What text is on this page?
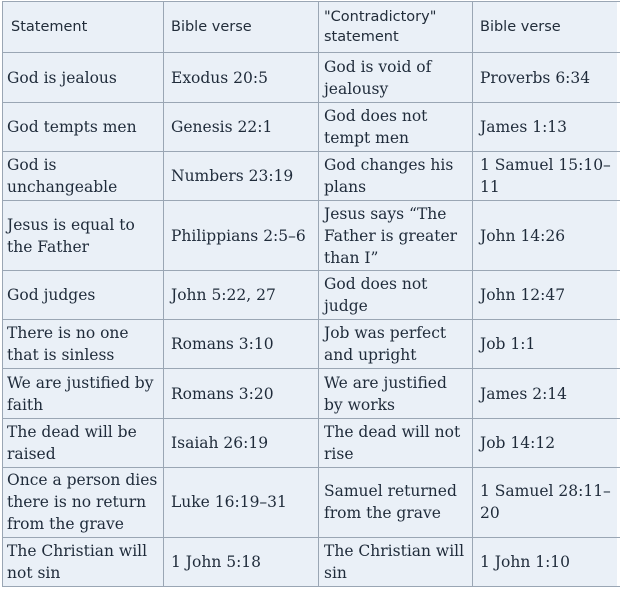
Statement	Bible verse	"Contradictory" statement	Bible verse
God is jealous	Exodus 20:5	God is void of jealousy	Proverbs 6:34
God tempts men	Genesis 22:1	God does not tempt men	James 1:13
God is unchangeable	Numbers 23:19	God changes his plans	1 Samuel 15:10–11
Jesus is equal to the Father	Philippians 2:5–6	Jesus says “The Father is greater than I”	John 14:26
God judges	John 5:22, 27	God does not judge	John 12:47
There is no one that is sinless	Romans 3:10	Job was perfect and upright	Job 1:1
We are justified by faith	Romans 3:20	We are justified by works	James 2:14
The dead will be raised	Isaiah 26:19	The dead will not rise	Job 14:12
Once a person dies there is no return from the grave	Luke 16:19–31	Samuel returned from the grave	1 Samuel 28:11–20
The Christian will not sin	1 John 5:18	The Christian will sin	1 John 1:10
